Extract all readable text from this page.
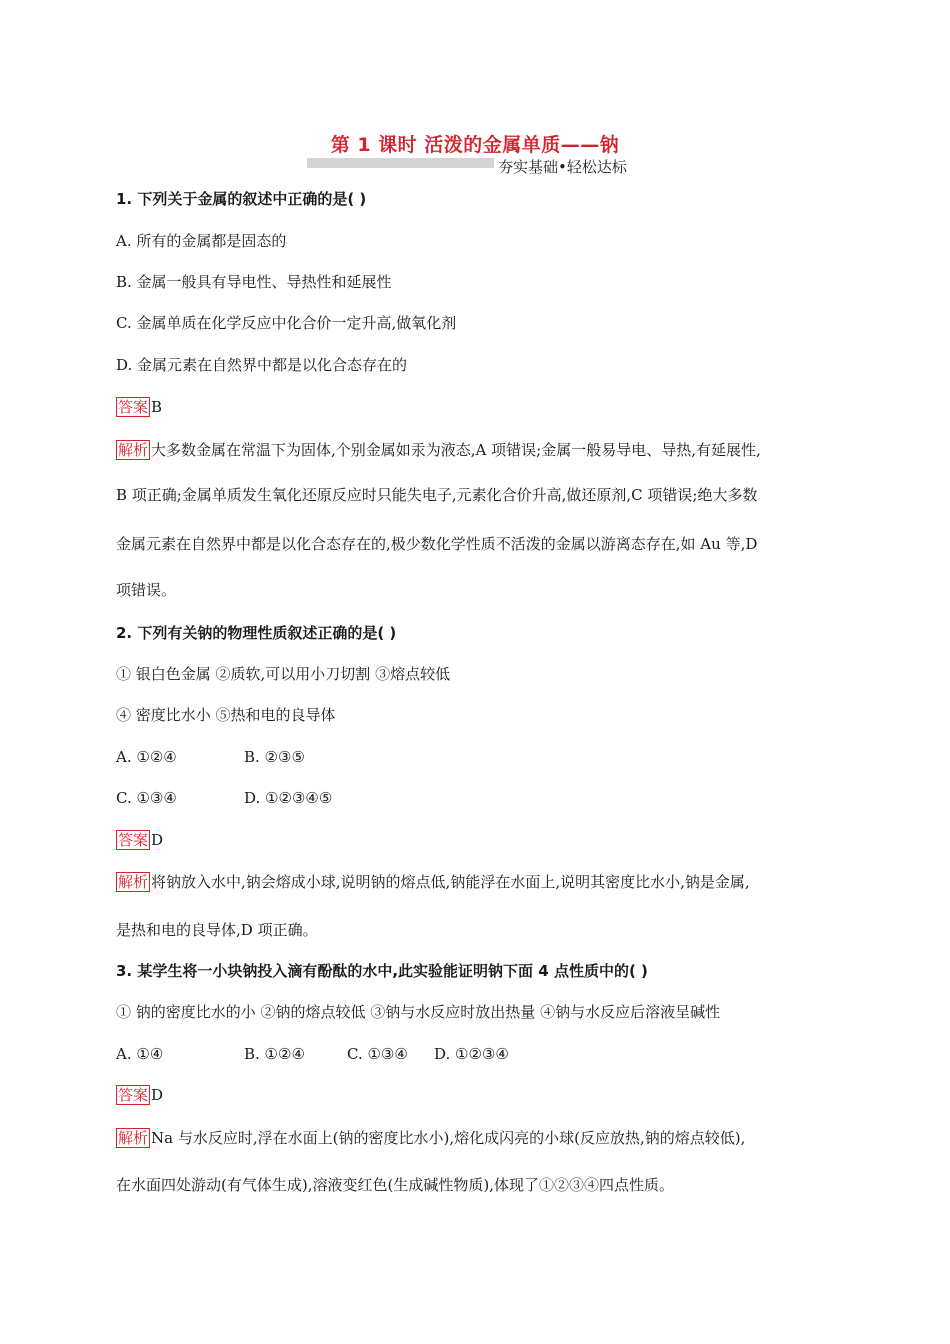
第 1 课时 活泼的金属单质——钠

夯实基础•轻松达标

1. 下列关于金属的叙述中正确的是( )

A. 所有的金属都是固态的

B. 金属一般具有导电性、导热性和延展性

C. 金属单质在化学反应中化合价一定升高,做氧化剂

D. 金属元素在自然界中都是以化合态存在的

答案 B

解析 大多数金属在常温下为固体,个别金属如汞为液态,A 项错误;金属一般易导电、导热,有延展性,

B 项正确;金属单质发生氧化还原反应时只能失电子,元素化合价升高,做还原剂,C 项错误;绝大多数

金属元素在自然界中都是以化合态存在的,极少数化学性质不活泼的金属以游离态存在,如 Au 等,D

项错误。

2. 下列有关钠的物理性质叙述正确的是( )

① 银白色金属 ②质软,可以用小刀切割 ③熔点较低

④ 密度比水小 ⑤热和电的良导体

A. ①②④	B. ②③⑤

C. ①③④	D. ①②③④⑤

答案 D

解析 将钠放入水中,钠会熔成小球,说明钠的熔点低,钠能浮在水面上,说明其密度比水小,钠是金属,

是热和电的良导体,D 项正确。

3. 某学生将一小块钠投入滴有酚酞的水中,此实验能证明钠下面 4 点性质中的( )

① 钠的密度比水的小 ②钠的熔点较低 ③钠与水反应时放出热量 ④钠与水反应后溶液呈碱性

A. ①④	B. ①②④	C. ①③④ D. ①②③④

答案 D

解析 Na 与水反应时,浮在水面上(钠的密度比水小),熔化成闪亮的小球(反应放热,钠的熔点较低),

在水面四处游动(有气体生成),溶液变红色(生成碱性物质),体现了①②③④四点性质。
